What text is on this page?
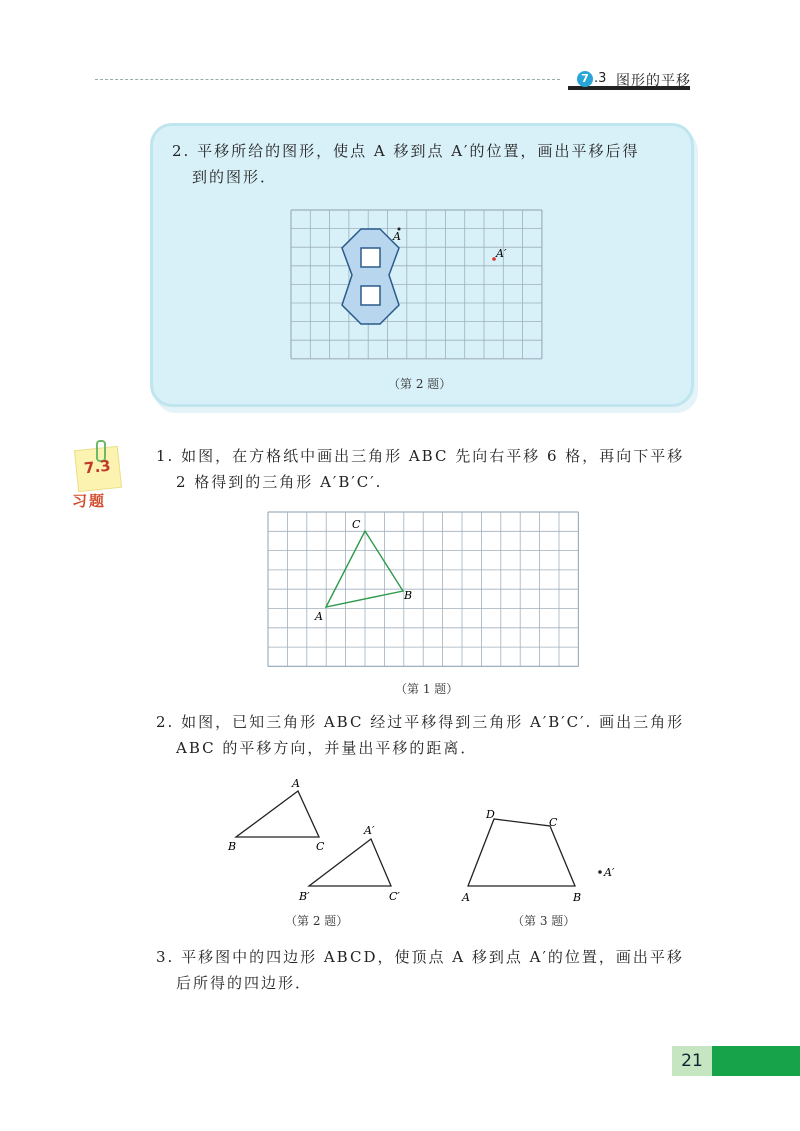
7 .3 图形的平移
2. 平移所给的图形，使点 A 移到点 A′的位置，画出平移后得
到的图形．
A
A′
C
B
A
A
B	C
A′
B′	C′
D
C
A	B
A′
（第 2 题）
7.3
习题
1. 如图，在方格纸中画出三角形 ABC 先向右平移 6 格，再向下平移
2 格得到的三角形 A′B′C′.
（第 1 题）
2. 如图，已知三角形 ABC 经过平移得到三角形 A′B′C′. 画出三角形
ABC 的平移方向，并量出平移的距离．
（第 2 题）	（第 3 题）
3. 平移图中的四边形 ABCD，使顶点 A 移到点 A′的位置，画出平移
后所得的四边形．
21
